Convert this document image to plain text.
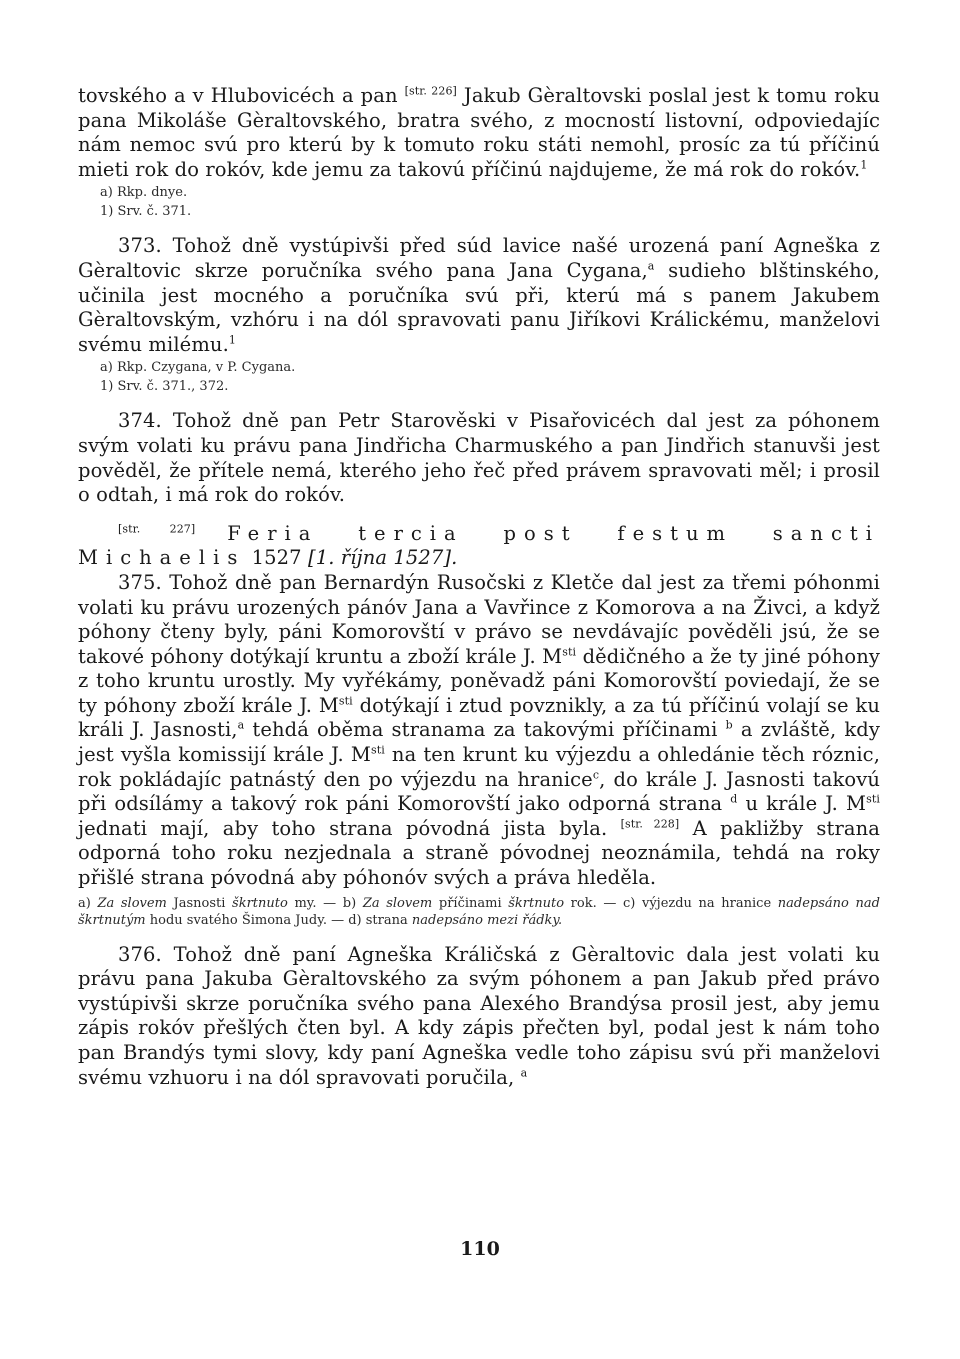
tovského a v Hlubovicéch a pan [str. 226] Jakub Gèraltovski poslal jest k tomu roku pana Mikoláše Gèraltovského, bratra svého, z mocností listovní, odpoviedajíc nám nemoc svú pro kterú by k tomuto roku státi nemohl, prosíc za tú příčinú mieti rok do rokóv, kde jemu za takovú příčinú najdujeme, že má rok do rokóv.$^1$

a) Rkp. dnye.
1) Srv. č. 371.

373. Tohož dně vystúpivši před súd lavice našé urozená paní Agneška z Gèraltovic skrze poručníka svého pana Jana Cygana,$^a$ sudieho blštinského, učinila jest mocného a poručníka svú při, kterú má s panem Jakubem Gèraltovským, vzhóru i na dól spravovati panu Jiříkovi Králickému, manželovi svému milému.$^1$

a) Rkp. Czygana, v P. Cygana.
1) Srv. č. 371., 372.

374. Tohož dně pan Petr Starověski v Pisařovicéch dal jest za póhonem svým volati ku právu pana Jindřicha Charmuského a pan Jindřich stanuvši jest pověděl, že přítele nemá, kterého jeho řeč před právem spravovati měl; i prosil o odtah, i má rok do rokóv.

[str. 227] Feria tercia post festum sancti Michaelis 1527 [1. října 1527].

375. Tohož dně pan Bernardýn Rusočski z Kletče dal jest za třemi póhonmi volati ku právu urozených pánóv Jana a Vavřince z Komorova a na Živci, a když póhony čteny byly, páni Komorovští v právo se nevdávajíc pověděli jsú, že se takové póhony dotýkají kruntu a zboží krále J. $M^{sti}$ dědičného a že ty jiné póhony z toho kruntu urostly. My vyřékámy, poněvadž páni Komorovští poviedají, že se ty póhony zboží krále J. $M^{sti}$ dotýkají i ztud povznikly, a za tú příčinú volají se ku králi J. Jasnosti,$^a$ tehdá oběma stranama za takovými příčinami $^b$ a zvláště, kdy jest vyšla komissijí krále J. $M^{sti}$ na ten krunt ku výjezdu a ohledánie těch róznic, rok pokládajíc patnástý den po výjezdu na hranice$^c$, do krále J. Jasnosti takovú při odsílámy a takový rok páni Komorovští jako odporná strana $^d$ u krále J. $M^{sti}$ jednati mají, aby toho strana póvodná jista byla. [str. 228] A pakližby strana odporná toho roku nezjednala a straně póvodnej neoznámila, tehdá na roky přišlé strana póvodná aby póhonóv svých a práva hleděla.

a) Za slovem Jasnosti škrtnuto my. — b) Za slovem příčinami škrtnuto rok. — c) výjezdu na hranice nadepsáno nad škrtnutým hodu svatého Šimona Judy. — d) strana nadepsáno mezi řádky.

376. Tohož dně paní Agneška Králičská z Gèraltovic dala jest volati ku právu pana Jakuba Gèraltovského za svým póhonem a pan Jakub před právo vystúpivši skrze poručníka svého pana Alexého Brandýsa prosil jest, aby jemu zápis rokóv přešlých čten byl. A kdy zápis přečten byl, podal jest k nám toho pan Brandýs tymi slovy, kdy paní Agneška vedle toho zápisu svú při manželovi svému vzhuoru i na dól spravovati poručila, $^a$

110
